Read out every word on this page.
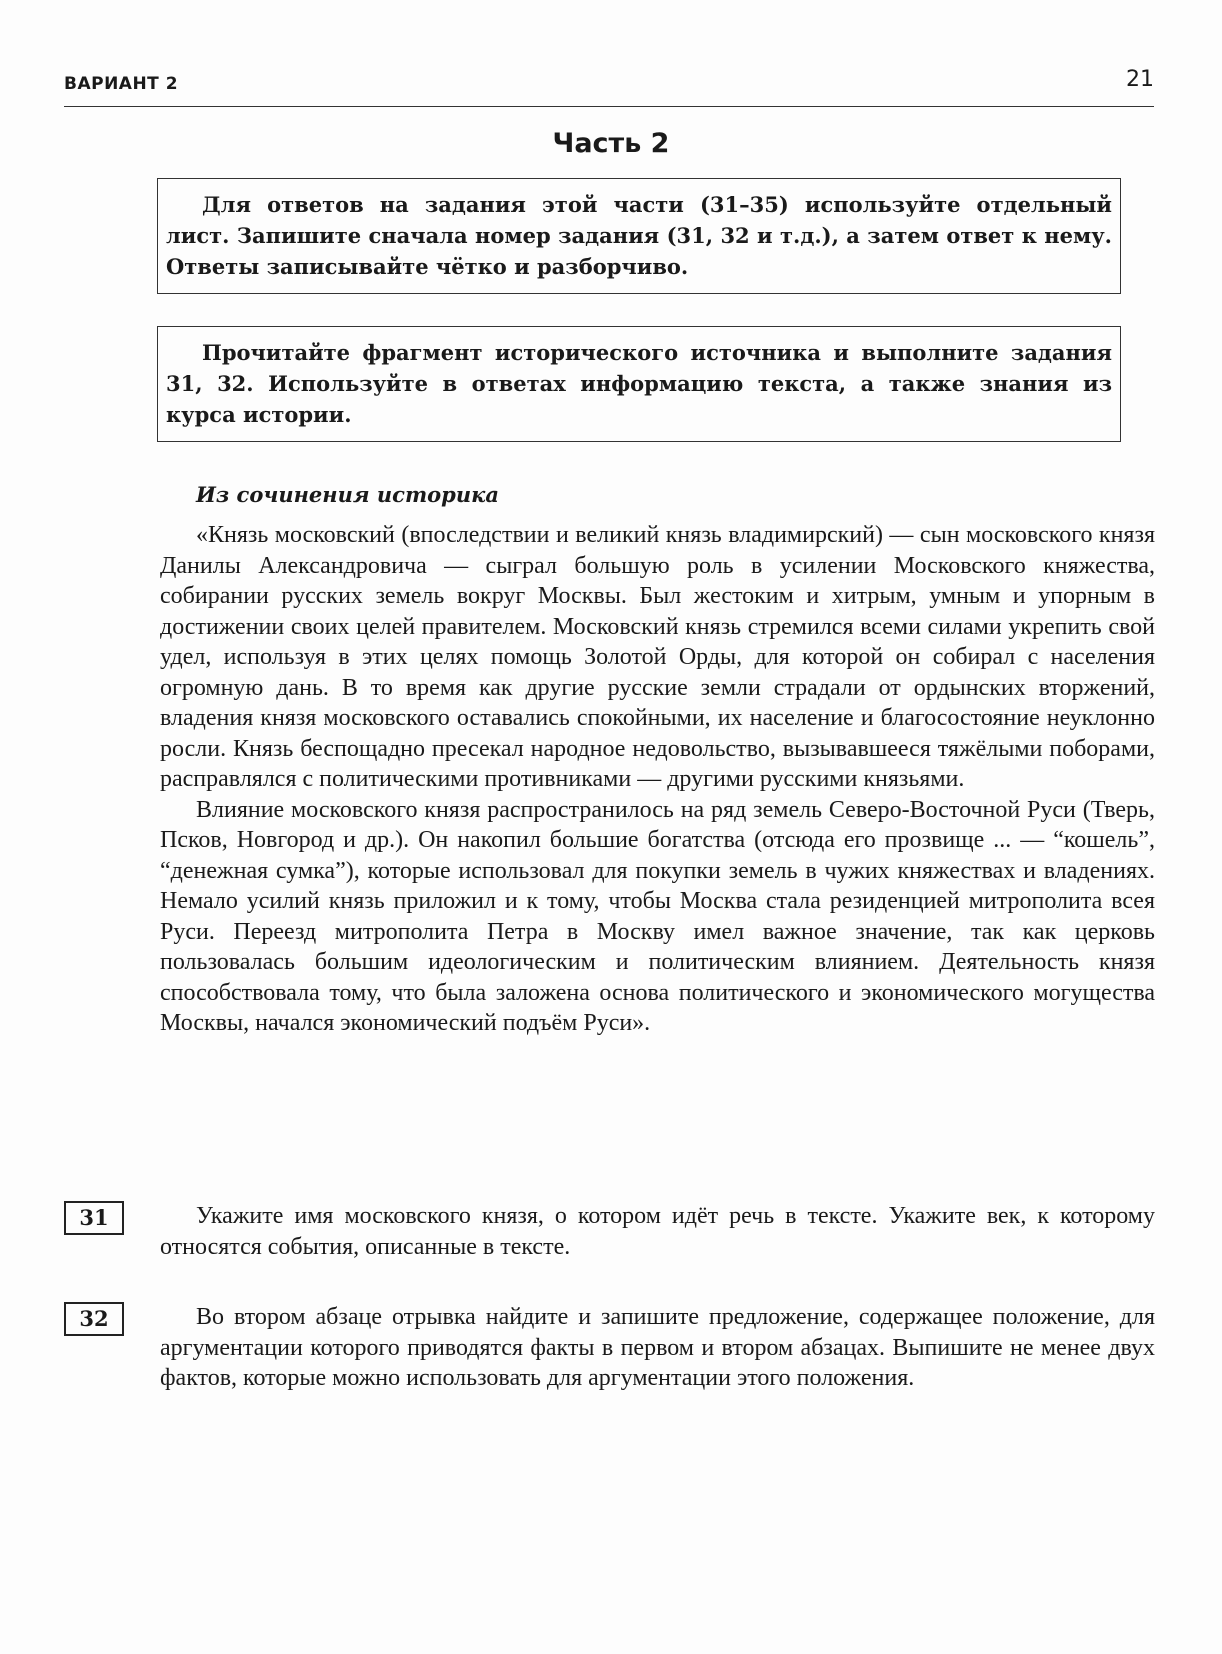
ВАРИАНТ 2	21
Часть 2
Для ответов на задания этой части (31–35) используйте отдельный лист. Запишите сначала номер задания (31, 32 и т.д.), а затем ответ к нему. Ответы записывайте чётко и разборчиво.
Прочитайте фрагмент исторического источника и выполните задания 31, 32. Используйте в ответах информацию текста, а также знания из курса истории.
Из сочинения историка

«Князь московский (впоследствии и великий князь владимирский) — сын московского князя Данилы Александровича — сыграл большую роль в усилении Московского княжества, собирании русских земель вокруг Москвы. Был жестоким и хитрым, умным и упорным в достижении своих целей правителем. Московский князь стремился всеми силами укрепить свой удел, используя в этих целях помощь Золотой Орды, для которой он собирал с населения огромную дань. В то время как другие русские земли страдали от ордынских вторжений, владения князя московского оставались спокойными, их население и благосостояние неуклонно росли. Князь беспощадно пресекал народное недовольство, вызывавшееся тяжёлыми поборами, расправлялся с политическими противниками — другими русскими князьями.

Влияние московского князя распространилось на ряд земель Северо-Восточной Руси (Тверь, Псков, Новгород и др.). Он накопил большие богатства (отсюда его прозвище ... — “кошель”, “денежная сумка”), которые использовал для покупки земель в чужих княжествах и владениях. Немало усилий князь приложил и к тому, чтобы Москва стала резиденцией митрополита всея Руси. Переезд митрополита Петра в Москву имел важное значение, так как церковь пользовалась большим идеологическим и политическим влиянием. Деятельность князя способствовала тому, что была заложена основа политического и экономического могущества Москвы, начался экономический подъём Руси».

31	Укажите имя московского князя, о котором идёт речь в тексте. Укажите век, к которому относятся события, описанные в тексте.
32	Во втором абзаце отрывка найдите и запишите предложение, содержащее положение, для аргументации которого приводятся факты в первом и втором абзацах. Выпишите не менее двух фактов, которые можно использовать для аргументации этого положения.
